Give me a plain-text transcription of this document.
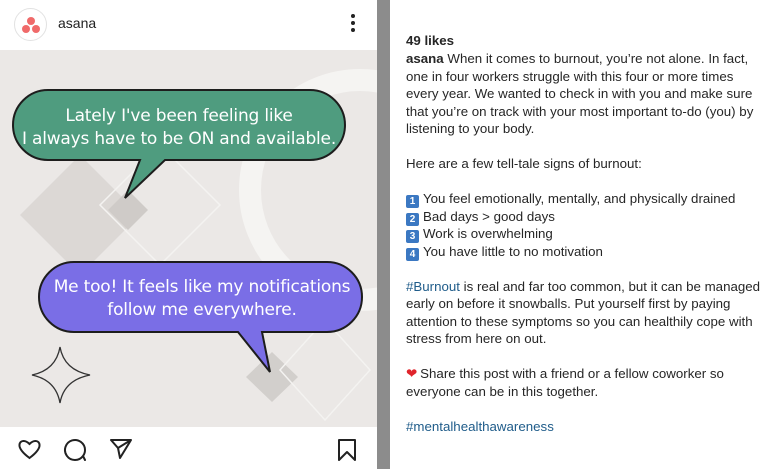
asana
Lately I've been feeling like
I always have to be ON and available.
Me too! It feels like my notifications
follow me everywhere.
49 likes
asana When it comes to burnout, you’re not alone. In fact,
one in four workers struggle with this four or more times
every year. We wanted to check in with you and make sure
that you’re on track with your most important to-do (you) by
listening to your body.
Here are a few tell-tale signs of burnout:
1 You feel emotionally, mentally, and physically drained
2 Bad days > good days
3 Work is overwhelming
4 You have little to no motivation
#Burnout is real and far too common, but it can be managed
early on before it snowballs. Put yourself first by paying
attention to these symptoms so you can healthily cope with
stress from here on out.
❤ Share this post with a friend or a fellow coworker so
everyone can be in this together.
#mentalhealthawareness
